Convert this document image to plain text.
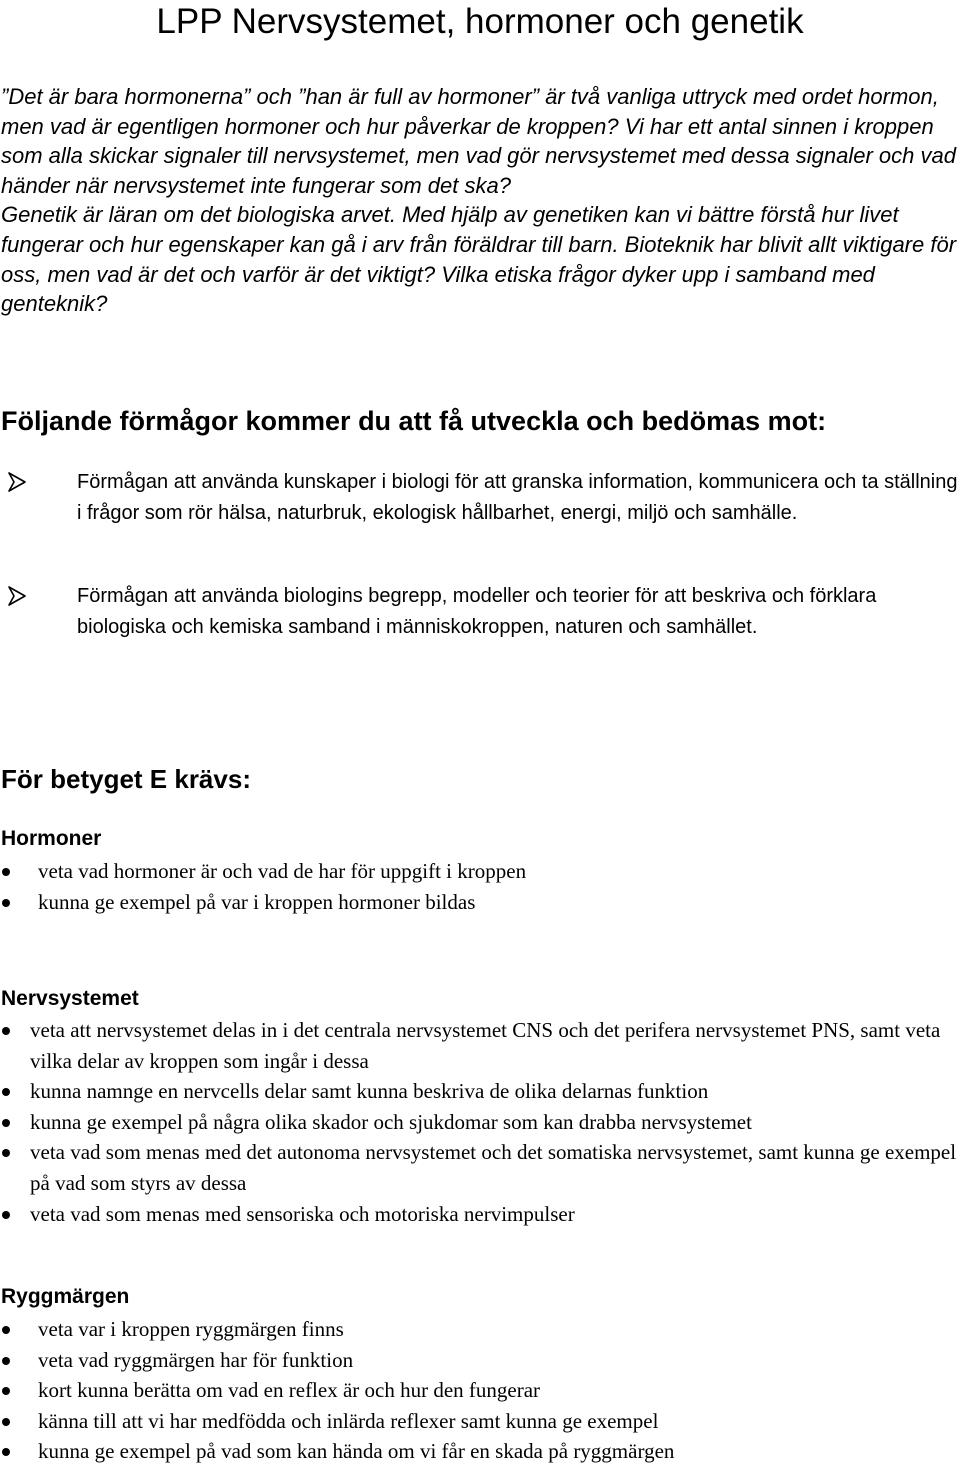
LPP Nervsystemet, hormoner och genetik

”Det är bara hormonerna” och ”han är full av hormoner” är två vanliga uttryck med ordet hormon, men vad är egentligen hormoner och hur påverkar de kroppen? Vi har ett antal sinnen i kroppen som alla skickar signaler till nervsystemet, men vad gör nervsystemet med dessa signaler och vad händer när nervsystemet inte fungerar som det ska?

Genetik är läran om det biologiska arvet. Med hjälp av genetiken kan vi bättre förstå hur livet fungerar och hur egenskaper kan gå i arv från föräldrar till barn. Bioteknik har blivit allt viktigare för oss, men vad är det och varför är det viktigt? Vilka etiska frågor dyker upp i samband med genteknik?

Följande förmågor kommer du att få utveckla och bedömas mot:
Förmågan att använda kunskaper i biologi för att granska information, kommunicera och ta ställning i frågor som rör hälsa, naturbruk, ekologisk hållbarhet, energi, miljö och samhälle.
Förmågan att använda biologins begrepp, modeller och teorier för att beskriva och förklara biologiska och kemiska samband i människokroppen, naturen och samhället.
För betyget E krävs:
Hormoner
veta vad hormoner är och vad de har för uppgift i kroppen
kunna ge exempel på var i kroppen hormoner bildas
Nervsystemet
veta att nervsystemet delas in i det centrala nervsystemet CNS och det perifera nervsystemet PNS, samt veta vilka delar av kroppen som ingår i dessa
kunna namnge en nervcells delar samt kunna beskriva de olika delarnas funktion
kunna ge exempel på några olika skador och sjukdomar som kan drabba nervsystemet
veta vad som menas med det autonoma nervsystemet och det somatiska nervsystemet, samt kunna ge exempel på vad som styrs av dessa
veta vad som menas med sensoriska och motoriska nervimpulser
Ryggmärgen
veta var i kroppen ryggmärgen finns
veta vad ryggmärgen har för funktion
kort kunna berätta om vad en reflex är och hur den fungerar
känna till att vi har medfödda och inlärda reflexer samt kunna ge exempel
kunna ge exempel på vad som kan hända om vi får en skada på ryggmärgen
